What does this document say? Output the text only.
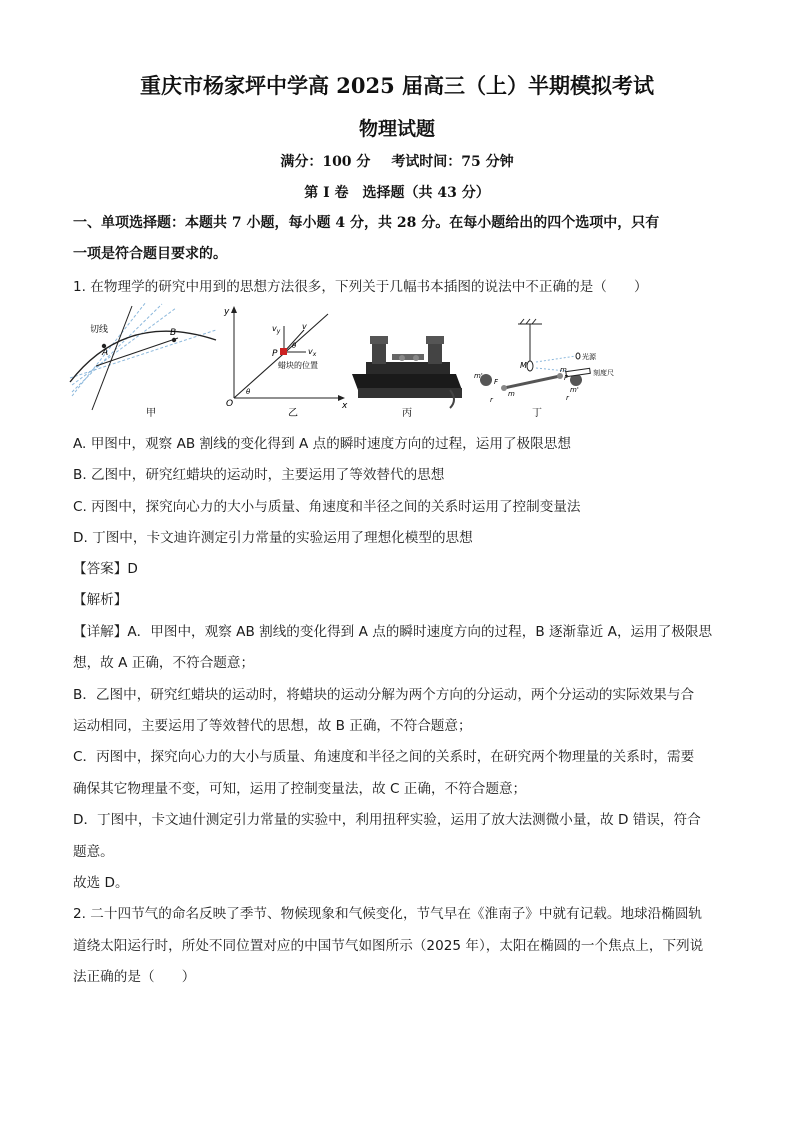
重庆市杨家坪中学高 2025 届高三（上）半期模拟考试
物理试题
满分：100 分 考试时间：75 分钟
第 I 卷　选择题（共 43 分）
一、单项选择题：本题共 7 小题，每小题 4 分，共 28 分。在每小题给出的四个选项中，只有
一项是符合题目要求的。
1. 在物理学的研究中用到的思想方法很多，下列关于几幅书本插图的说法中不正确的是（　　）
切线
A
B
甲
y
x
O
$v_y$
v
$v_x$
P
θ
θ
蜡块的位置
乙	丙
光源
刻度尺
M
m'
m
m	m'
F	F
r	r
丁
A. 甲图中，观察 AB 割线的变化得到 A 点的瞬时速度方向的过程，运用了极限思想
B. 乙图中，研究红蜡块的运动时，主要运用了等效替代的思想
C. 丙图中，探究向心力的大小与质量、角速度和半径之间的关系时运用了控制变量法
D. 丁图中，卡文迪许测定引力常量的实验运用了理想化模型的思想
【答案】D
【解析】
【详解】A．甲图中，观察 AB 割线的变化得到 A 点的瞬时速度方向的过程，B 逐渐靠近 A，运用了极限思
想，故 A 正确，不符合题意；
B．乙图中，研究红蜡块的运动时，将蜡块的运动分解为两个方向的分运动，两个分运动的实际效果与合
运动相同，主要运用了等效替代的思想，故 B 正确，不符合题意；
C．丙图中，探究向心力的大小与质量、角速度和半径之间的关系时，在研究两个物理量的关系时，需要
确保其它物理量不变，可知，运用了控制变量法，故 C 正确，不符合题意；
D．丁图中，卡文迪什测定引力常量的实验中，利用扭秤实验，运用了放大法测微小量，故 D 错误，符合
题意。
故选 D。
2. 二十四节气的命名反映了季节、物候现象和气候变化，节气早在《淮南子》中就有记载。地球沿椭圆轨
道绕太阳运行时，所处不同位置对应的中国节气如图所示（2025 年），太阳在椭圆的一个焦点上，下列说
法正确的是（　　）
